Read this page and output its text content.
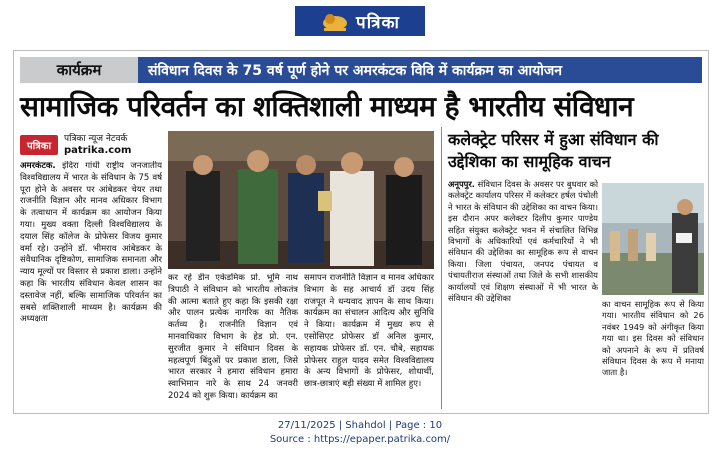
पत्रिका
कार्यक्रम	संविधान दिवस के 75 वर्ष पूर्ण होने पर अमरकंटक विवि में कार्यक्रम का आयोजन
सामाजिक परिवर्तन का शक्तिशाली माध्यम है भारतीय संविधान
पत्रिका
पत्रिका न्यूज नेटवर्क
patrika.com
अमरकंटक. इंदिरा गांधी राष्ट्रीय जनजातीय विश्वविद्यालय में भारत के संविधान के 75 वर्ष पूरा होने के अवसर पर आंबेडकर चेयर तथा राजनीति विज्ञान और मानव अधिकार विभाग के तत्वाधान में कार्यक्रम का आयोजन किया गया। मुख्य वक्ता दिल्ली विश्वविद्यालय के दयाल सिंह कॉलेज के प्रोफेसर विजय कुमार वर्मा रहे। उन्होंने डॉ. भीमराव आंबेडकर के संवैधानिक दृष्टिकोण, सामाजिक समानता और न्याय मूल्यों पर विस्तार से प्रकाश डाला। उन्होंने कहा कि भारतीय संविधान केवल शासन का दस्तावेज नहीं, बल्कि सामाजिक परिवर्तन का सबसे शक्तिशाली माध्यम है। कार्यक्रम की अध्यक्षता
कर रहे डीन एकेडमिक प्रो. भूमि नाथ त्रिपाठी ने संविधान को भारतीय लोकतंत्र की आत्मा बताते हुए कहा कि इसकी रक्षा और पालन प्रत्येक नागरिक का नैतिक कर्तव्य है। राजनीति विज्ञान एवं मानवाधिकार विभाग के हेड प्रो. एन. सुरजीत कुमार ने संविधान दिवस के महत्वपूर्ण बिंदुओं पर प्रकाश डाला, जिसे भारत सरकार ने हमारा संविधान हमारा स्वाभिमान नारे के साथ 24 जनवरी 2024 को शुरू किया। कार्यक्रम का
समापन राजनीति विज्ञान व मानव अधिकार विभाग के सह आचार्य डॉ उदय सिंह राजपूत ने धन्यवाद ज्ञापन के साथ किया। कार्यक्रम का संचालन आदित्य और सुनिधि ने किया। कार्यक्रम में मुख्य रूप से एसोसिएट प्रोफेसर डॉ अनिल कुमार, सहायक प्रोफेसर डॉ. एन. चौबे, सहायक प्रोफेसर राहुल यादव समेत विश्वविद्यालय के अन्य विभागों के प्रोफेसर, शोधार्थी, छात्र-छात्राएं बड़ी संख्या में शामिल हुए।
कलेक्ट्रेट परिसर में हुआ संविधान की उद्देशिका का सामूहिक वाचन
अनूपपुर. संविधान दिवस के अवसर पर बुधवार को कलेक्ट्रेट कार्यालय परिसर में कलेक्टर हर्षल पंचोली ने भारत के संविधान की उद्देशिका का वाचन किया। इस दौरान अपर कलेक्टर दिलीप कुमार पाण्डेय सहित संयुक्त कलेक्ट्रेट भवन में संचालित विभिन्न विभागों के अधिकारियों एवं कर्मचारियों ने भी संविधान की उद्देशिका का सामूहिक रूप से वाचन किया। जिला पंचायत, जनपद पंचायत व पंचायतीराज संस्थाओं तथा जिले के सभी शासकीय कार्यालयों एवं शिक्षण संस्थाओं में भी भारत के संविधान की उद्देशिका
का वाचन सामूहिक रूप से किया गया। भारतीय संविधान को 26 नवंबर 1949 को अंगीकृत किया गया था। इस दिवस को संविधान को अपनाने के रूप में प्रतिवर्ष संविधान दिवस के रूप में मनाया जाता है।
27/11/2025 | Shahdol | Page : 10
Source : https://epaper.patrika.com/
